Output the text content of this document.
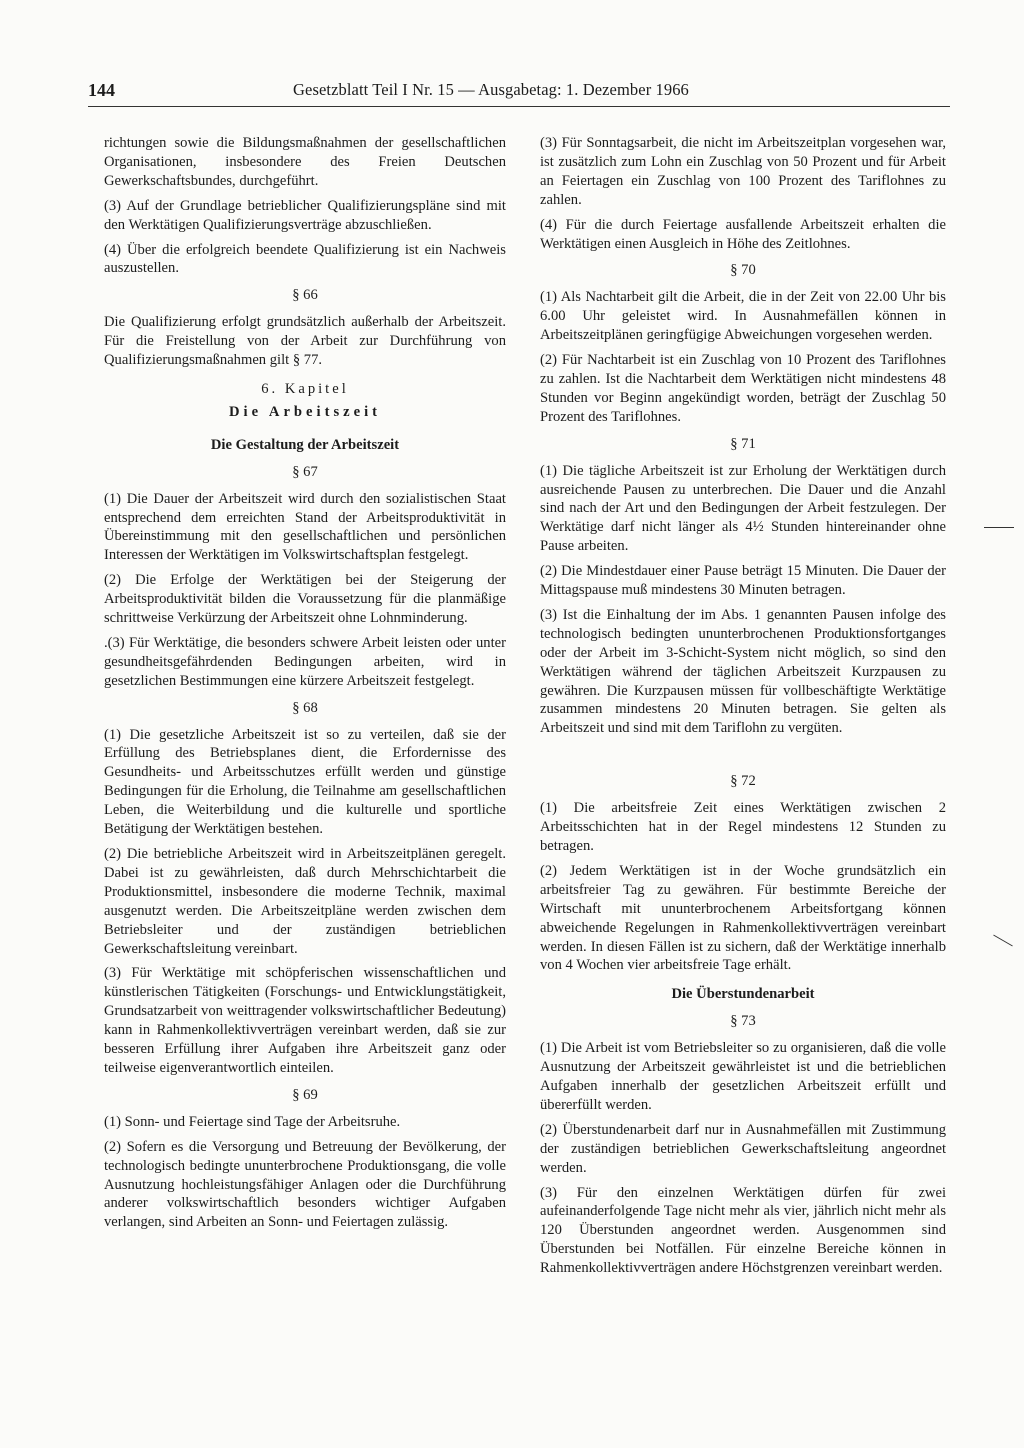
144	Gesetzblatt Teil I Nr. 15 — Ausgabetag: 1. Dezember 1966

richtungen sowie die Bildungsmaßnahmen der gesellschaftlichen Organisationen, insbesondere des Freien Deutschen Gewerkschaftsbundes, durchgeführt.

(3) Auf der Grundlage betrieblicher Qualifizierungspläne sind mit den Werktätigen Qualifizierungsverträge abzuschließen.

(4) Über die erfolgreich beendete Qualifizierung ist ein Nachweis auszustellen.

§ 66

Die Qualifizierung erfolgt grundsätzlich außerhalb der Arbeitszeit. Für die Freistellung von der Arbeit zur Durchführung von Qualifizierungsmaßnahmen gilt § 77.

6. Kapitel
Die Arbeitszeit
Die Gestaltung der Arbeitszeit
§ 67

(1) Die Dauer der Arbeitszeit wird durch den sozialistischen Staat entsprechend dem erreichten Stand der Arbeitsproduktivität in Übereinstimmung mit den gesellschaftlichen und persönlichen Interessen der Werktätigen im Volkswirtschaftsplan festgelegt.

(2) Die Erfolge der Werktätigen bei der Steigerung der Arbeitsproduktivität bilden die Voraussetzung für die planmäßige schrittweise Verkürzung der Arbeitszeit ohne Lohnminderung.

.(3) Für Werktätige, die besonders schwere Arbeit leisten oder unter gesundheitsgefährdenden Bedingungen arbeiten, wird in gesetzlichen Bestimmungen eine kürzere Arbeitszeit festgelegt.

§ 68

(1) Die gesetzliche Arbeitszeit ist so zu verteilen, daß sie der Erfüllung des Betriebsplanes dient, die Erfordernisse des Gesundheits- und Arbeitsschutzes erfüllt werden und günstige Bedingungen für die Erholung, die Teilnahme am gesellschaftlichen Leben, die Weiterbildung und die kulturelle und sportliche Betätigung der Werktätigen bestehen.

(2) Die betriebliche Arbeitszeit wird in Arbeitszeitplänen geregelt. Dabei ist zu gewährleisten, daß durch Mehrschichtarbeit die Produktionsmittel, insbesondere die moderne Technik, maximal ausgenutzt werden. Die Arbeitszeitpläne werden zwischen dem Betriebsleiter und der zuständigen betrieblichen Gewerkschaftsleitung vereinbart.

(3) Für Werktätige mit schöpferischen wissenschaftlichen und künstlerischen Tätigkeiten (Forschungs- und Entwicklungstätigkeit, Grundsatzarbeit von weittragender volkswirtschaftlicher Bedeutung) kann in Rahmenkollektivverträgen vereinbart werden, daß sie zur besseren Erfüllung ihrer Aufgaben ihre Arbeitszeit ganz oder teilweise eigenverantwortlich einteilen.

§ 69

(1) Sonn- und Feiertage sind Tage der Arbeitsruhe.

(2) Sofern es die Versorgung und Betreuung der Bevölkerung, der technologisch bedingte ununterbrochene Produktionsgang, die volle Ausnutzung hochleistungsfähiger Anlagen oder die Durchführung anderer volkswirtschaftlich besonders wichtiger Aufgaben verlangen, sind Arbeiten an Sonn- und Feiertagen zulässig.

(3) Für Sonntagsarbeit, die nicht im Arbeitszeitplan vorgesehen war, ist zusätzlich zum Lohn ein Zuschlag von 50 Prozent und für Arbeit an Feiertagen ein Zuschlag von 100 Prozent des Tariflohnes zu zahlen.

(4) Für die durch Feiertage ausfallende Arbeitszeit erhalten die Werktätigen einen Ausgleich in Höhe des Zeitlohnes.

§ 70

(1) Als Nachtarbeit gilt die Arbeit, die in der Zeit von 22.00 Uhr bis 6.00 Uhr geleistet wird. In Ausnahmefällen können in Arbeitszeitplänen geringfügige Abweichungen vorgesehen werden.

(2) Für Nachtarbeit ist ein Zuschlag von 10 Prozent des Tariflohnes zu zahlen. Ist die Nachtarbeit dem Werktätigen nicht mindestens 48 Stunden vor Beginn angekündigt worden, beträgt der Zuschlag 50 Prozent des Tariflohnes.

§ 71

(1) Die tägliche Arbeitszeit ist zur Erholung der Werktätigen durch ausreichende Pausen zu unterbrechen. Die Dauer und die Anzahl sind nach der Art und den Bedingungen der Arbeit festzulegen. Der Werktätige darf nicht länger als 4½ Stunden hintereinander ohne Pause arbeiten.

(2) Die Mindestdauer einer Pause beträgt 15 Minuten. Die Dauer der Mittagspause muß mindestens 30 Minuten betragen.

(3) Ist die Einhaltung der im Abs. 1 genannten Pausen infolge des technologisch bedingten ununterbrochenen Produktionsfortganges oder der Arbeit im 3-Schicht-System nicht möglich, so sind den Werktätigen während der täglichen Arbeitszeit Kurzpausen zu gewähren. Die Kurzpausen müssen für vollbeschäftigte Werktätige zusammen mindestens 20 Minuten betragen. Sie gelten als Arbeitszeit und sind mit dem Tariflohn zu vergüten.

§ 72

(1) Die arbeitsfreie Zeit eines Werktätigen zwischen 2 Arbeitsschichten hat in der Regel mindestens 12 Stunden zu betragen.

(2) Jedem Werktätigen ist in der Woche grundsätzlich ein arbeitsfreier Tag zu gewähren. Für bestimmte Bereiche der Wirtschaft mit ununterbrochenem Arbeitsfortgang können abweichende Regelungen in Rahmenkollektivverträgen vereinbart werden. In diesen Fällen ist zu sichern, daß der Werktätige innerhalb von 4 Wochen vier arbeitsfreie Tage erhält.

Die Überstundenarbeit
§ 73

(1) Die Arbeit ist vom Betriebsleiter so zu organisieren, daß die volle Ausnutzung der Arbeitszeit gewährleistet ist und die betrieblichen Aufgaben innerhalb der gesetzlichen Arbeitszeit erfüllt und übererfüllt werden.

(2) Überstundenarbeit darf nur in Ausnahmefällen mit Zustimmung der zuständigen betrieblichen Gewerkschaftsleitung angeordnet werden.

(3) Für den einzelnen Werktätigen dürfen für zwei aufeinanderfolgende Tage nicht mehr als vier, jährlich nicht mehr als 120 Überstunden angeordnet werden. Ausgenommen sind Überstunden bei Notfällen. Für einzelne Bereiche können in Rahmenkollektivverträgen andere Höchstgrenzen vereinbart werden.
